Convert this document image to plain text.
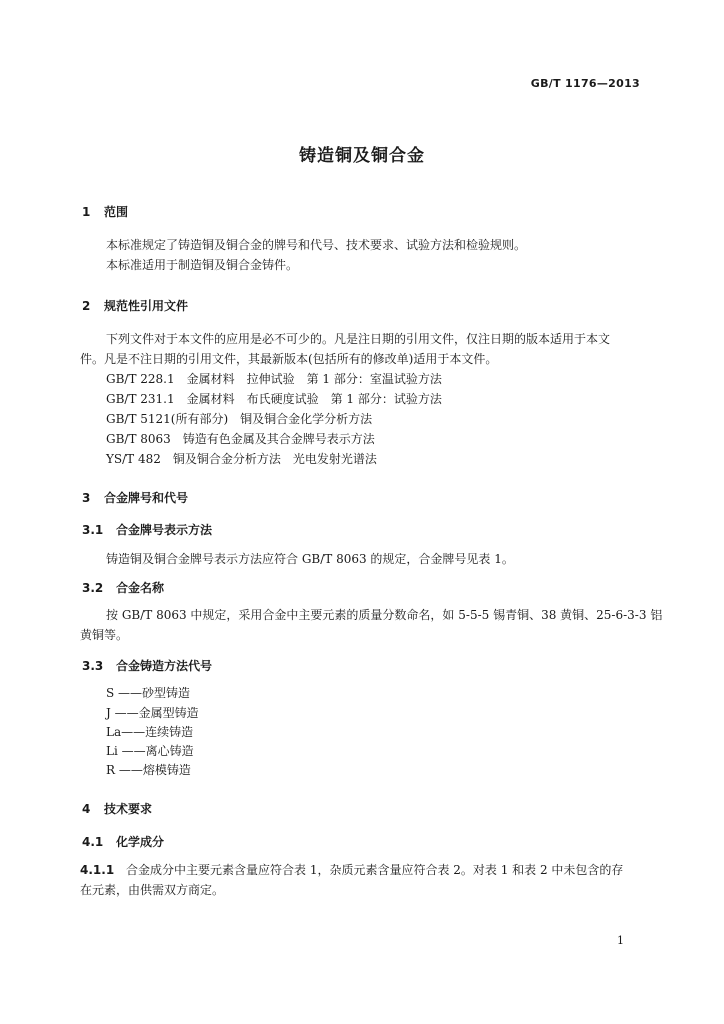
GB/T 1176—2013
铸造铜及铜合金
1 范围
本标准规定了铸造铜及铜合金的牌号和代号、技术要求、试验方法和检验规则。
本标准适用于制造铜及铜合金铸件。
2 规范性引用文件
下列文件对于本文件的应用是必不可少的。凡是注日期的引用文件，仅注日期的版本适用于本文
件。凡是不注日期的引用文件，其最新版本(包括所有的修改单)适用于本文件。
GB/T 228.1　金属材料　拉伸试验　第 1 部分：室温试验方法
GB/T 231.1　金属材料　布氏硬度试验　第 1 部分：试验方法
GB/T 5121(所有部分)　铜及铜合金化学分析方法
GB/T 8063　铸造有色金属及其合金牌号表示方法
YS/T 482　铜及铜合金分析方法　光电发射光谱法
3 合金牌号和代号
3.1 合金牌号表示方法
铸造铜及铜合金牌号表示方法应符合 GB/T 8063 的规定，合金牌号见表 1。
3.2 合金名称
按 GB/T 8063 中规定，采用合金中主要元素的质量分数命名，如 5-5-5 锡青铜、38 黄铜、25-6-3-3 铝
黄铜等。
3.3 合金铸造方法代号
S ——砂型铸造
J ——金属型铸造
La——连续铸造
Li ——离心铸造
R ——熔模铸造
4 技术要求
4.1 化学成分
4.1.1 合金成分中主要元素含量应符合表 1，杂质元素含量应符合表 2。对表 1 和表 2 中未包含的存
在元素，由供需双方商定。
1
